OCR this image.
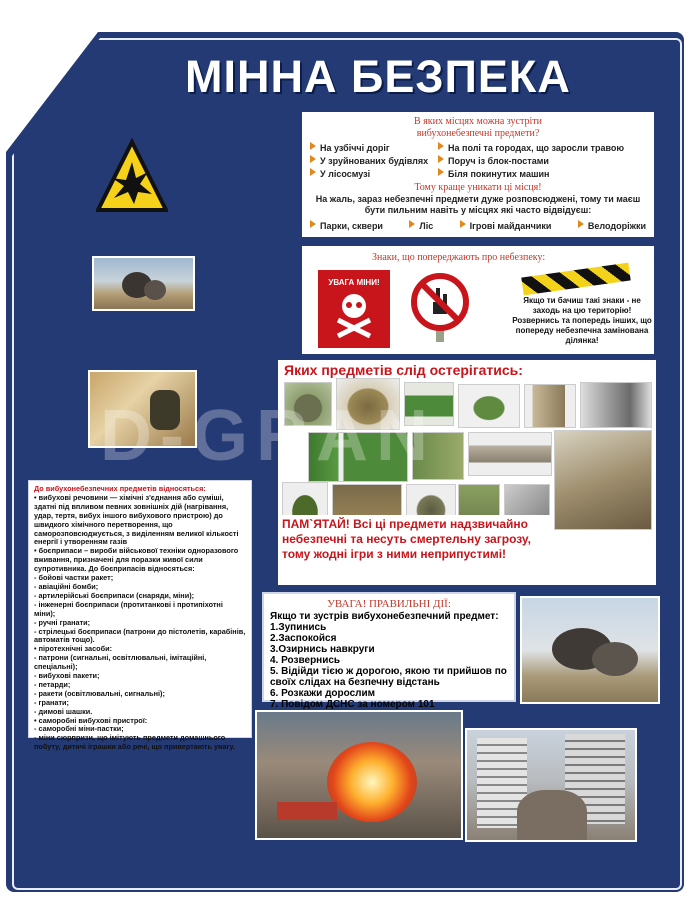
МІННА БЕЗПЕКА
В яких місцях можна зустріти вибухонебезпечні предмети?
На узбіччі доріг
У зруйнованих будівлях
У лісосмузі
На полі та городах, що заросли травою
Поруч із блок-постами
Біля покинутих машин
Тому краще уникати ці місця!
На жаль, зараз небезпечні предмети дуже розповсюджені, тому ти маєш бути пильним навіть у місцях які часто відвідуєш:
Парки, сквери	Ліс	Ігрові майданчики	Велодоріжки
Знаки, що попереджають про небезпеку:
УВАГА МІНИ!
Якщо ти бачиш такі знаки - не заходь на цю територію! Розвернись та попередь інших, що попереду небезпечна замінована ділянка!
Яких предметів слід остерігатись:
ПАМ`ЯТАЙ! Всі ці предмети надзвичайно небезпечні та несуть смертельну загрозу, тому жодні ігри з ними неприпустимі!
До вибухонебезпечних предметів відносяться:
• вибухові речовини — хімічні з'єднання або суміші, здатні під впливом певних зовнішніх дій (нагрівання, удар, тертя, вибух іншого вибухового пристрою) до швидкого хімічного перетворення, що саморозповсюджується, з виділенням великої кількості енергії і утворенням газів
• боєприпаси – вироби військової техніки одноразового вживання, призначені для поразки живої сили супротивника. До боєприпасів відносяться:
- бойові частки ракет;
- авіаційні бомби;
- артилерійські боєприпаси (снаряди, міни);
- інженерні боєприпаси (протитанкові і протипіхотні міни);
- ручні гранати;
- стрілецькі боєприпаси (патрони до пістолетів, карабінів, автоматів тощо).
• піротехнічні засоби:
- патрони (сигнальні, освітлювальні, імітаційні, спеціальні);
- вибухові пакети;
- петарди;
- ракети (освітлювальні, сигнальні);
- гранати;
- димові шашки.
• саморобні вибухові пристрої:
- саморобні міни-пастки;
- міни сюрпризи, що імітують предмети домашнього побуту, дитячі іграшки або речі, що привертають увагу.
УВАГА! ПРАВИЛЬНІ ДІЇ:
Якщо ти зустрів вибухонебезпечний предмет:
1.Зупинись
2.Заспокойся
3.Озирнись навкруги
4. Розвернись
5. Відійди тією ж дорогою, якою ти прийшов по своїх слідах на безпечну відстань
6. Розкажи дорослим
7. Повідом ДСНС за номером 101
D-GRAN
